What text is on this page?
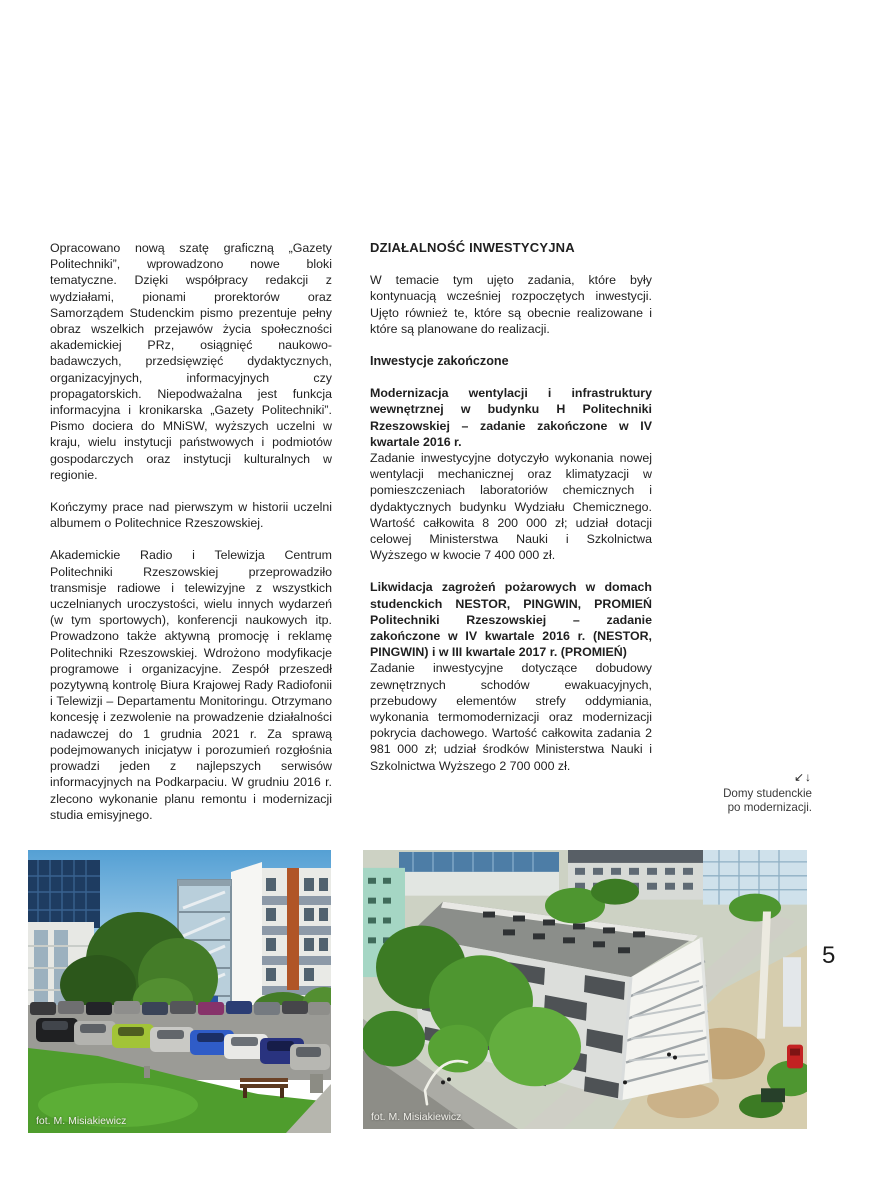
Opracowano nową szatę graficzną „Gazety Politechniki”, wprowadzono nowe bloki tematyczne. Dzięki współpracy redakcji z wydziałami, pionami prorektorów oraz Samorządem Studenckim pismo prezentuje pełny obraz wszelkich przejawów życia społeczności akademickiej PRz, osiągnięć naukowo-badawczych, przedsięwzięć dydaktycznych, organizacyjnych, informacyjnych czy propagatorskich. Niepodważalna jest funkcja informacyjna i kronikarska „Gazety Politechniki”. Pismo dociera do MNiSW, wyższych uczelni w kraju, wielu instytucji państwowych i podmiotów gospodarczych oraz instytucji kulturalnych w regionie.

Kończymy prace nad pierwszym w historii uczelni albumem o Politechnice Rzeszowskiej.

Akademickie Radio i Telewizja Centrum Politechniki Rzeszowskiej przeprowadziło transmisje radiowe i telewizyjne z wszystkich uczelnianych uroczystości, wielu innych wydarzeń (w tym sportowych), konferencji naukowych itp. Prowadzono także aktywną promocję i reklamę Politechniki Rzeszowskiej. Wdrożono modyfikacje programowe i organizacyjne. Zespół przeszedł pozytywną kontrolę Biura Krajowej Rady Radiofonii i Telewizji – Departamentu Monitoringu. Otrzymano koncesję i zezwolenie na prowadzenie działalności nadawczej do 1 grudnia 2021 r. Za sprawą podejmowanych inicjatyw i porozumień rozgłośnia prowadzi jeden z najlepszych serwisów informacyjnych na Podkarpaciu. W grudniu 2016 r. zlecono wykonanie planu remontu i modernizacji studia emisyjnego.

DZIAŁALNOŚĆ INWESTYCYJNA

W temacie tym ujęto zadania, które były kontynuacją wcześniej rozpoczętych inwestycji. Ujęto również te, które są obecnie realizowane i które są planowane do realizacji.

Inwestycje zakończone

Modernizacja wentylacji i infrastruktury wewnętrznej w budynku H Politechniki Rzeszowskiej – zadanie zakończone w IV kwartale 2016 r.

Zadanie inwestycyjne dotyczyło wykonania nowej wentylacji mechanicznej oraz klimatyzacji w pomieszczeniach laboratoriów chemicznych i dydaktycznych budynku Wydziału Chemicznego. Wartość całkowita 8 200 000 zł; udział dotacji celowej Ministerstwa Nauki i Szkolnictwa Wyższego w kwocie 7 400 000 zł.

Likwidacja zagrożeń pożarowych w domach studenckich NESTOR, PINGWIN, PROMIEŃ Politechniki Rzeszowskiej – zadanie zakończone w IV kwartale 2016 r. (NESTOR, PINGWIN) i w III kwartale 2017 r. (PROMIEŃ)

Zadanie inwestycyjne dotyczące dobudowy zewnętrznych schodów ewakuacyjnych, przebudowy elementów strefy oddymiania, wykonania termomodernizacji oraz modernizacji pokrycia dachowego. Wartość całkowita zadania 2 981 000 zł; udział środków Ministerstwa Nauki i Szkolnictwa Wyższego 2 700 000 zł.

↙↓
Domy studenckie
po modernizacji.
5
fot. M. Misiakiewicz	fot. M. Misiakiewicz
